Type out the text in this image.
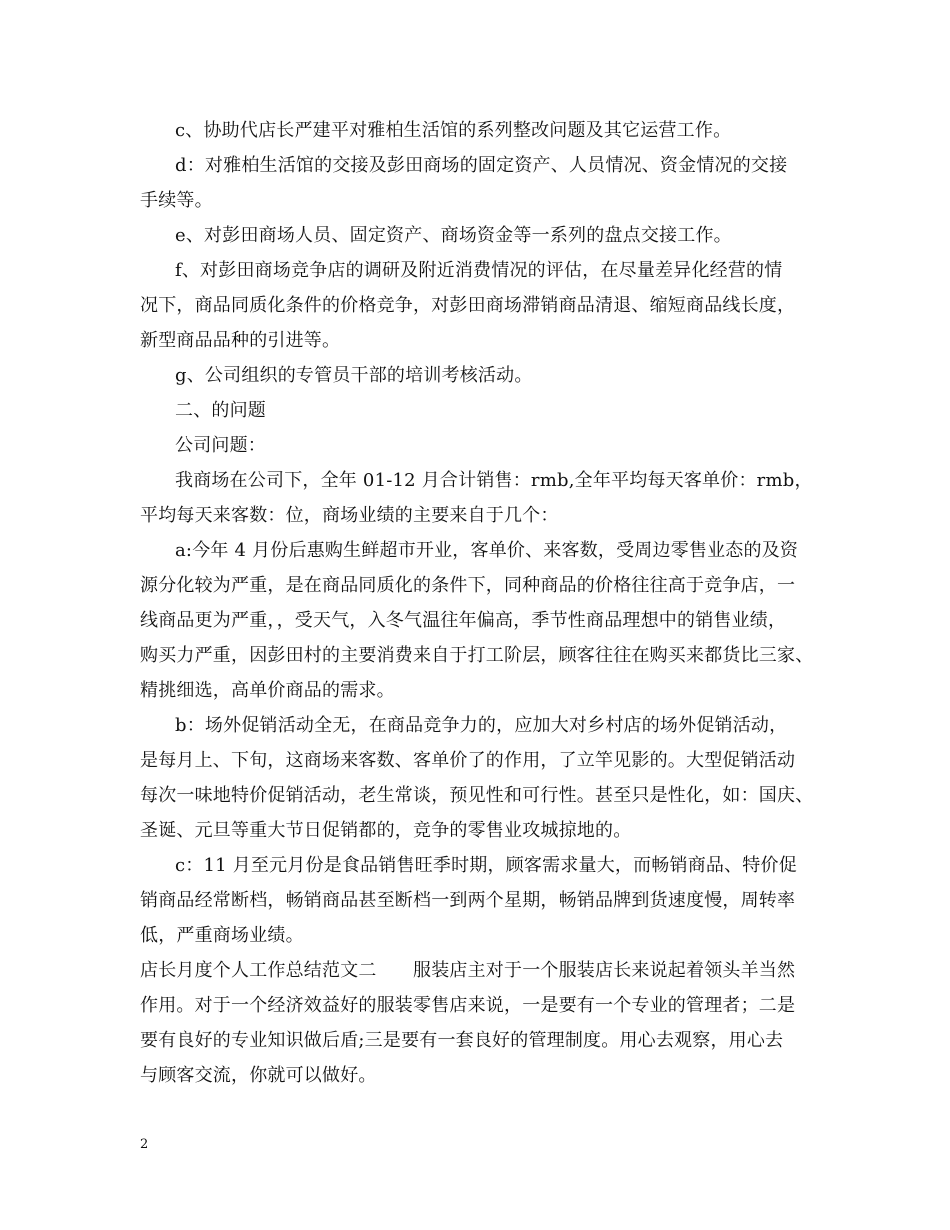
c、协助代店长严建平对雅柏生活馆的系列整改问题及其它运营工作。
d：对雅柏生活馆的交接及彭田商场的固定资产、人员情况、资金情况的交接
手续等。
e、对彭田商场人员、固定资产、商场资金等一系列的盘点交接工作。
f、对彭田商场竞争店的调研及附近消费情况的评估，在尽量差异化经营的情
况下，商品同质化条件的价格竞争，对彭田商场滞销商品清退、缩短商品线长度，
新型商品品种的引进等。
g、公司组织的专管员干部的培训考核活动。
二、的问题
公司问题：
我商场在公司下，全年 01-12 月合计销售：rmb,全年平均每天客单价：rmb，
平均每天来客数：位，商场业绩的主要来自于几个：
a:今年 4 月份后惠购生鲜超市开业，客单价、来客数，受周边零售业态的及资
源分化较为严重，是在商品同质化的条件下，同种商品的价格往往高于竞争店，一
线商品更为严重，，受天气，入冬气温往年偏高，季节性商品理想中的销售业绩，
购买力严重，因彭田村的主要消费来自于打工阶层，顾客往往在购买来都货比三家、
精挑细选，高单价商品的需求。
b：场外促销活动全无，在商品竞争力的，应加大对乡村店的场外促销活动，
是每月上、下旬，这商场来客数、客单价了的作用，了立竿见影的。大型促销活动
每次一味地特价促销活动，老生常谈，预见性和可行性。甚至只是性化，如：国庆、
圣诞、元旦等重大节日促销都的，竞争的零售业攻城掠地的。
c：11 月至元月份是食品销售旺季时期，顾客需求量大，而畅销商品、特价促
销商品经常断档，畅销商品甚至断档一到两个星期，畅销品牌到货速度慢，周转率
低，严重商场业绩。
店长月度个人工作总结范文二　　服装店主对于一个服装店长来说起着领头羊当然
作用。对于一个经济效益好的服装零售店来说，一是要有一个专业的管理者；二是
要有良好的专业知识做后盾;三是要有一套良好的管理制度。用心去观察，用心去
与顾客交流，你就可以做好。
2
